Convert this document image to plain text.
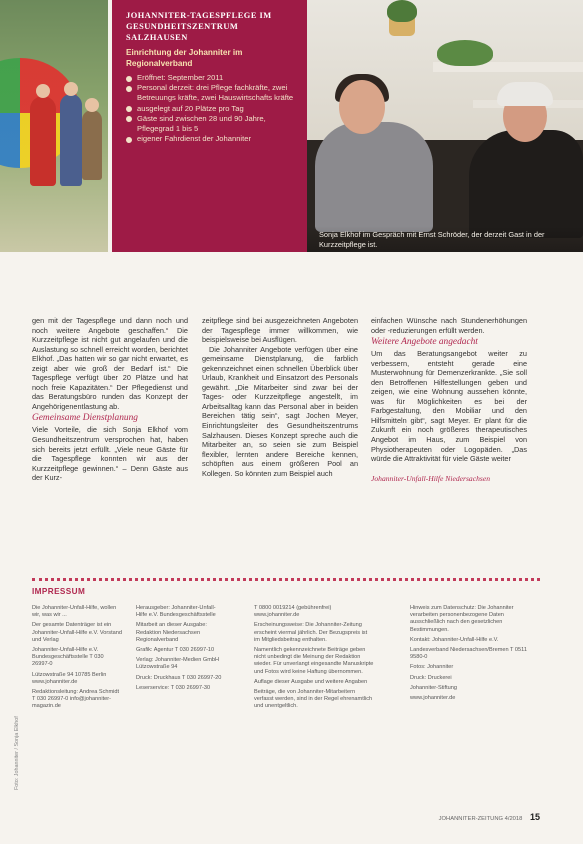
JOHANNITER-TAGESPFLEGE IM GESUNDHEITSZENTRUM SALZHAUSEN

Einrichtung der Johanniter im Regionalverband

Eröffnet: September 2011
Personal derzeit: drei Pflege fachkräfte, zwei Betreuungs kräfte, zwei Hauswirtschafts kräfte
ausgelegt auf 20 Plätze pro Tag
Gäste sind zwischen 28 und 90 Jahre, Pflegegrad 1 bis 5
eigener Fahrdienst der Johanniter
Sonja Elkhof im Gespräch mit Ernst Schröder, der derzeit Gast in der Kurzzeitpflege ist.

gen mit der Tagespflege und dann noch und noch weitere Angebote geschaffen.“ Die Kurzzeitpflege ist nicht gut angelaufen und die Auslastung so schnell erreicht worden, berichtet Elkhof. „Das hatten wir so gar nicht erwartet, es zeigt aber wie groß der Bedarf ist.“ Die Tagespflege verfügt über 20 Plätze und hat noch freie Kapazitäten.“ Der Pflegedienst und das Beratungsbüro runden das Konzept der Angehörigenentlastung ab.

Gemeinsame Dienstplanung

Viele Vorteile, die sich Sonja Elkhof vom Gesundheitszentrum versprochen hat, haben sich bereits jetzt erfüllt. „Viele neue Gäste für die Tagespflege konnten wir aus der Kurzzeitpflege gewinnen.“ – Denn Gäste aus der Kurz-

zeitpflege sind bei ausgezeichneten Angeboten der Tagespflege immer willkommen, wie beispielsweise bei Ausflügen.

Die Johanniter Angebote verfügen über eine gemeinsame Dienstplanung, die farblich gekennzeichnet einen schnellen Überblick über Urlaub, Krankheit und Einsatzort des Personals gewährt. „Die Mitarbeiter sind zwar bei der Tages- oder Kurzzeitpflege angestellt, im Arbeitsalltag kann das Personal aber in beiden Bereichen tätig sein“, sagt Jochen Meyer, Einrichtungsleiter des Gesundheitszentrums Salzhausen. Dieses Konzept spreche auch die Mitarbeiter an, so seien sie zum Beispiel flexibler, lernten andere Bereiche kennen, schöpften aus einem größeren Pool an Kollegen. So könnten zum Beispiel auch

einfachen Wünsche nach Stundenerhöhungen oder -reduzierungen erfüllt werden.

Weitere Angebote angedacht

Um das Beratungsangebot weiter zu verbessern, entsteht gerade eine Musterwohnung für Demenzerkrankte. „Sie soll den Betroffenen Hilfestellungen geben und zeigen, wie eine Wohnung aussehen könnte, was für Möglichkeiten es bei der Farbgestaltung, den Mobiliar und den Hilfsmitteln gibt“, sagt Meyer. Er plant für die Zukunft ein noch größeres therapeutisches Angebot im Haus, zum Beispiel von Physiotherapeuten oder Logopäden. „Das würde die Attraktivität für viele Gäste weiter

Johanniter-Unfall-Hilfe Niedersachsen

IMPRESSUM

Die Johanniter-Unfall-Hilfe, wollen wir, was wir ...

Der gesamte Datenträger ist ein Johanniter-Unfall-Hilfe e.V. Vorstand und Verlag

Johanniter-Unfall-Hilfe e.V. Bundesgeschäftsstelle T 030 26997-0

Lützowstraße 94 10785 Berlin www.johanniter.de

Redaktionsleitung: Andrea Schmidt T 030 26997-0 info@johanniter-magazin.de

Herausgeber: Johanniter-Unfall-Hilfe e.V. Bundesgeschäftsstelle

Mitarbeit an dieser Ausgabe: Redaktion Niedersachsen Regionalverband

Grafik: Agentur T 030 26997-10

Verlag: Johanniter-Medien GmbH Lützowstraße 94

Druck: Druckhaus T 030 26997-20

Leserservice: T 030 26997-30

T 0800 0019214 (gebührenfrei) www.johanniter.de

Erscheinungsweise: Die Johanniter-Zeitung erscheint viermal jährlich. Der Bezugspreis ist im Mitgliedsbeitrag enthalten.

Namentlich gekennzeichnete Beiträge geben nicht unbedingt die Meinung der Redaktion wieder. Für unverlangt eingesandte Manuskripte und Fotos wird keine Haftung übernommen.

Auflage dieser Ausgabe und weitere Angaben

Beiträge, die von Johanniter-Mitarbeitern verfasst werden, sind in der Regel ehrenamtlich und unentgeltlich.

Hinweis zum Datenschutz: Die Johanniter verarbeiten personenbezogene Daten ausschließlich nach den gesetzlichen Bestimmungen.

Kontakt: Johanniter-Unfall-Hilfe e.V.

Landesverband Niedersachsen/Bremen T 0511 9580-0

Fotos: Johanniter

Druck: Druckerei

Johanniter-Stiftung

www.johanniter.de

Foto: Johanniter / Sonja Elkhof
JOHANNITER-ZEITUNG 4/2018 15
